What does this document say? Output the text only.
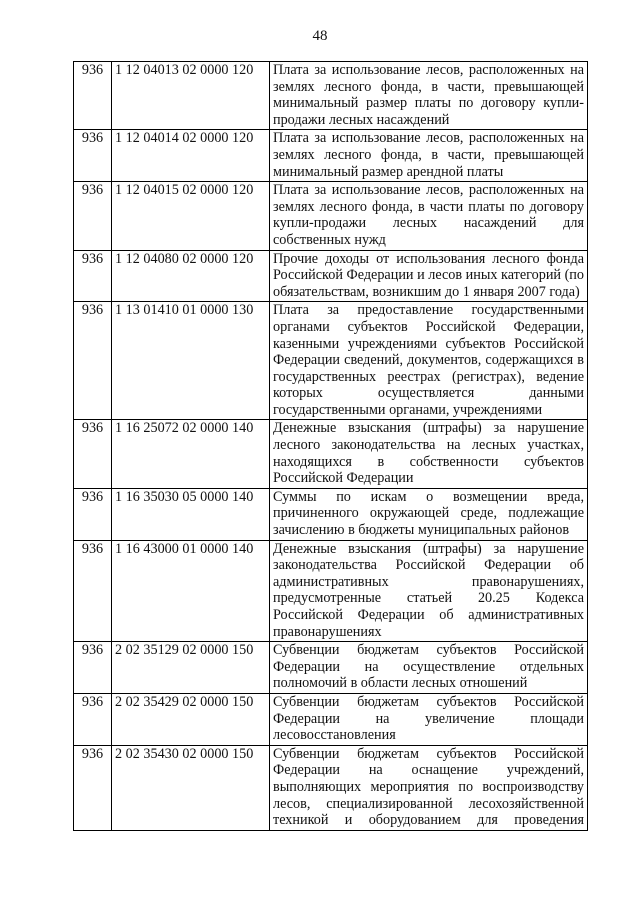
48
936	1 12 04013 02 0000 120	Плата за использование лесов, расположенных на землях лесного фонда, в части, превышающей минимальный размер платы по договору купли-продажи лесных насаждений
936	1 12 04014 02 0000 120	Плата за использование лесов, расположенных на землях лесного фонда, в части, превышающей минимальный размер арендной платы
936	1 12 04015 02 0000 120	Плата за использование лесов, расположенных на землях лесного фонда, в части платы по договору купли-продажи лесных насаждений для собственных нужд
936	1 12 04080 02 0000 120	Прочие доходы от использования лесного фонда Российской Федерации и лесов иных категорий (по обязательствам, возникшим до 1 января 2007 года)
936	1 13 01410 01 0000 130	Плата за предоставление государственными органами субъектов Российской Федерации, казенными учреждениями субъектов Российской Федерации сведений, документов, содержащихся в государственных реестрах (регистрах), ведение которых осуществляется данными государственными органами, учреждениями
936	1 16 25072 02 0000 140	Денежные взыскания (штрафы) за нарушение лесного законодательства на лесных участках, находящихся в собственности субъектов Российской Федерации
936	1 16 35030 05 0000 140	Суммы по искам о возмещении вреда, причиненного окружающей среде, подлежащие зачислению в бюджеты муниципальных районов
936	1 16 43000 01 0000 140	Денежные взыскания (штрафы) за нарушение законодательства Российской Федерации об административных правонарушениях, предусмотренные статьей 20.25 Кодекса Российской Федерации об административных правонарушениях
936	2 02 35129 02 0000 150	Субвенции бюджетам субъектов Российской Федерации на осуществление отдельных полномочий в области лесных отношений
936	2 02 35429 02 0000 150	Субвенции бюджетам субъектов Российской Федерации на увеличение площади лесовосстановления
936	2 02 35430 02 0000 150	Субвенции бюджетам субъектов Российской Федерации на оснащение учреждений, выполняющих мероприятия по воспроизводству лесов, специализированной лесохозяйственной техникой и оборудованием для проведения
